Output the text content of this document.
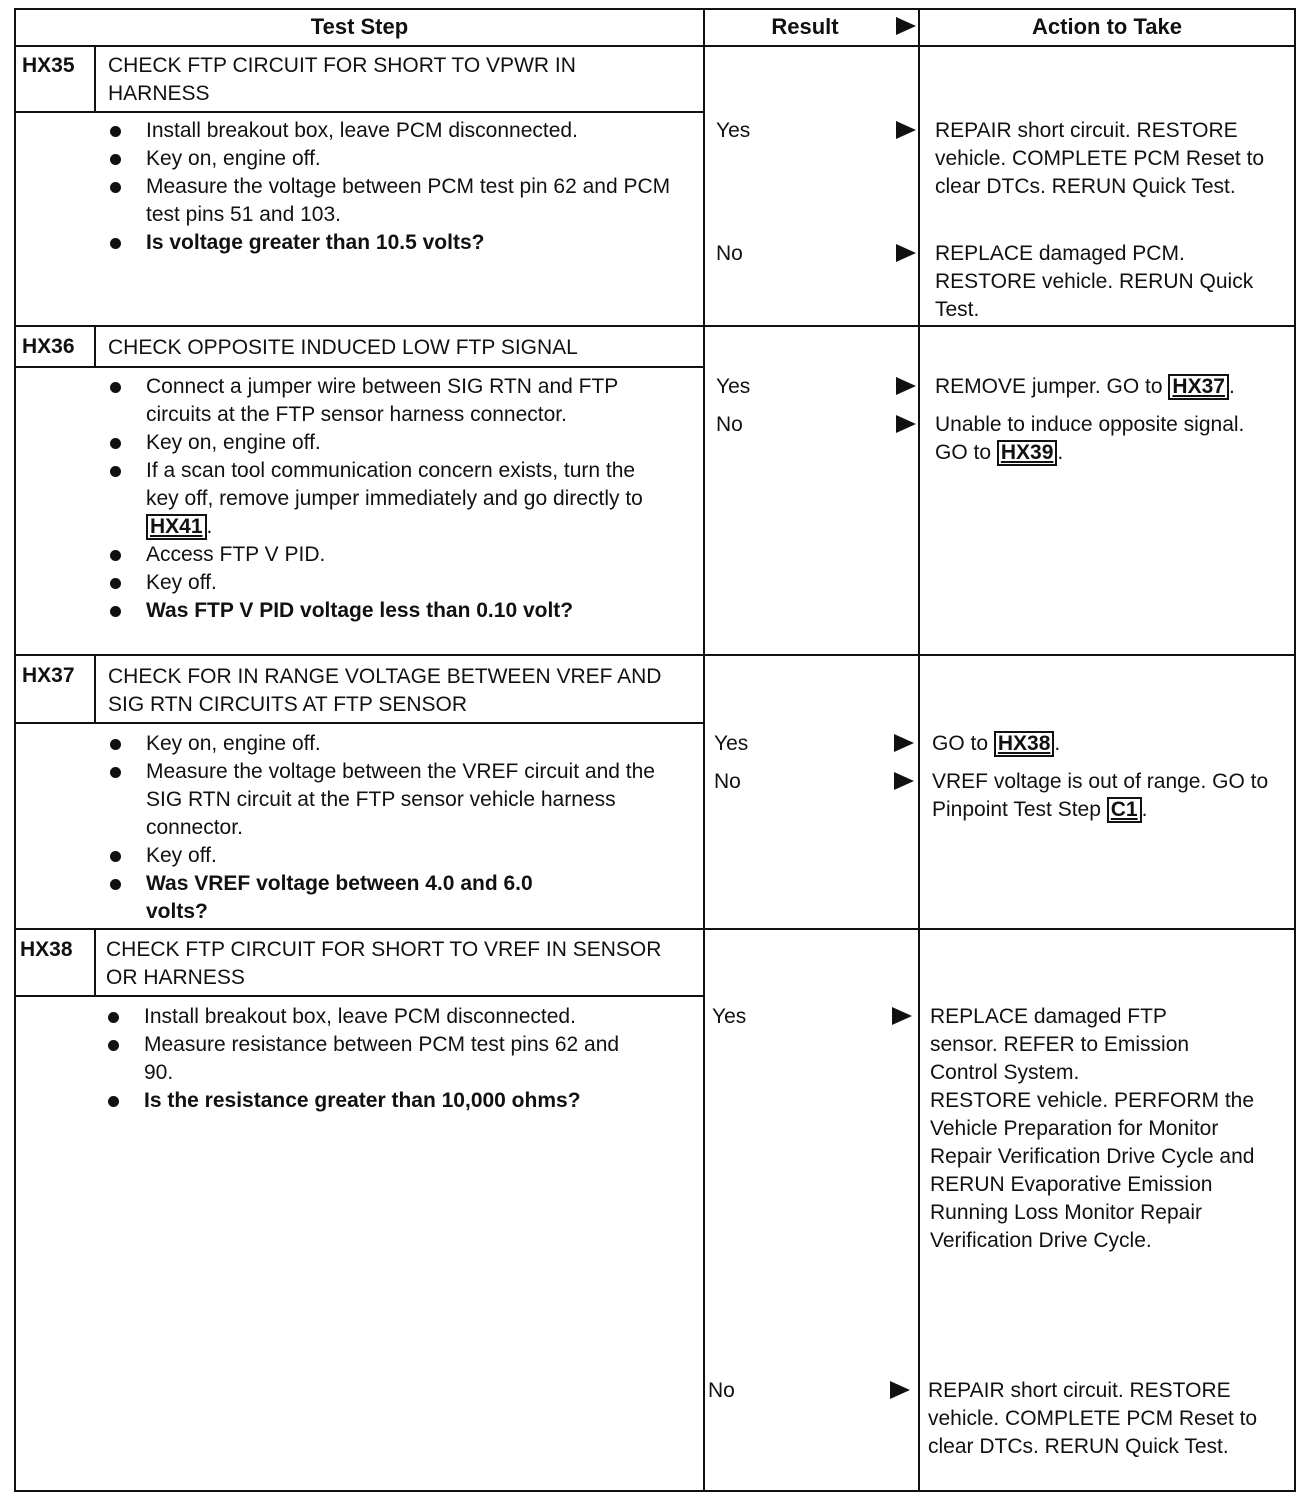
Test Step	Result	Action to Take
HX35 CHECK FTP CIRCUIT FOR SHORT TO VPWR IN HARNESS
Install breakout box, leave PCM disconnected.
Key on, engine off.
Measure the voltage between PCM test pin 62 and PCM test pins 51 and 103.
Is voltage greater than 10.5 volts?
Yes	REPAIR short circuit. RESTORE vehicle. COMPLETE PCM Reset to clear DTCs. RERUN Quick Test.
No	REPLACE damaged PCM. RESTORE vehicle. RERUN Quick Test.
HX36 CHECK OPPOSITE INDUCED LOW FTP SIGNAL
Connect a jumper wire between SIG RTN and FTP circuits at the FTP sensor harness connector.
Key on, engine off.
If a scan tool communication concern exists, turn the key off, remove jumper immediately and go directly to HX41 .
Access FTP V PID.
Key off.
Was FTP V PID voltage less than 0.10 volt?
Yes	REMOVE jumper. GO to HX37 .
No	Unable to induce opposite signal. GO to HX39 .
HX37 CHECK FOR IN RANGE VOLTAGE BETWEEN VREF AND SIG RTN CIRCUITS AT FTP SENSOR
Key on, engine off.
Measure the voltage between the VREF circuit and the SIG RTN circuit at the FTP sensor vehicle harness connector.
Key off.
Was VREF voltage between 4.0 and 6.0 volts?
Yes	GO to HX38 .
No	VREF voltage is out of range. GO to Pinpoint Test Step C1 .
HX38 CHECK FTP CIRCUIT FOR SHORT TO VREF IN SENSOR OR HARNESS
Install breakout box, leave PCM disconnected.
Measure resistance between PCM test pins 62 and 90.
Is the resistance greater than 10,000 ohms?
Yes	REPLACE damaged FTP sensor. REFER to Emission Control System.
RESTORE vehicle. PERFORM the Vehicle Preparation for Monitor Repair Verification Drive Cycle and RERUN Evaporative Emission Running Loss Monitor Repair Verification Drive Cycle.
No	REPAIR short circuit. RESTORE vehicle. COMPLETE PCM Reset to clear DTCs. RERUN Quick Test.
